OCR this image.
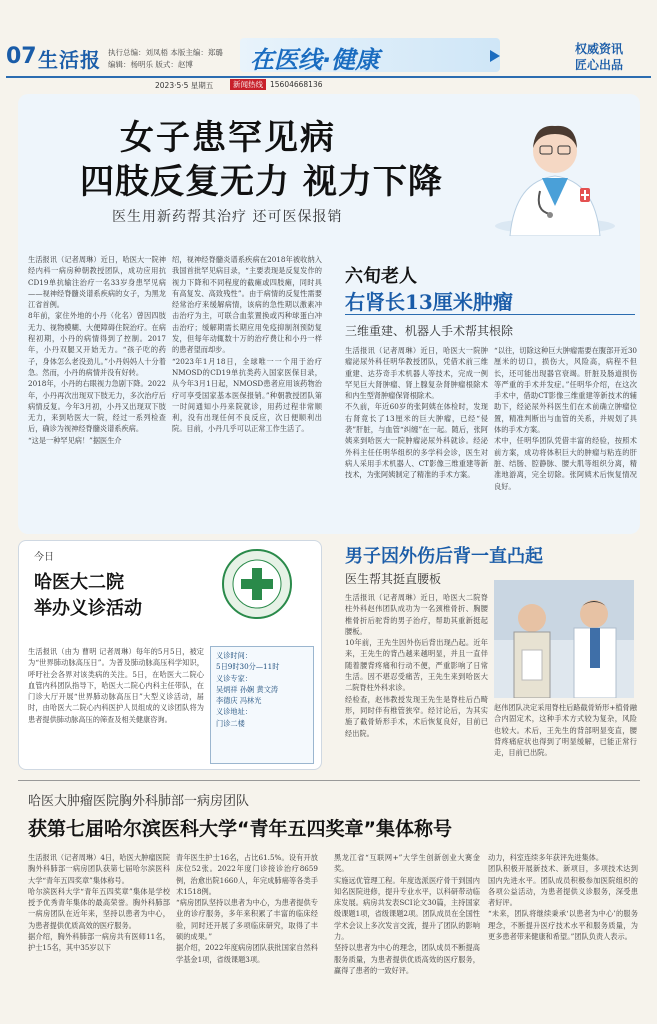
07 生活报 执行总编：刘凤梧 本版主编：郑璐
编辑：杨明乐 版式：赵博 在医线·健康	权威资讯
匠心出品
2023·5·5 星期五	新闻热线 15604668136
女子患罕见病
四肢反复无力 视力下降
医生用新药帮其治疗 还可医保报销
生活报讯（记者周琳）近日，哈医大一院神经内科一病房种朝教授团队，成功应用抗CD19单抗输注治疗一名33岁身患罕见病——视神经脊髓炎谱系疾病的女子，为黑龙江省首例。
8年前，家住外地的小丹（化名）曾因四肢无力、视物模糊、大便障碍住院治疗。在病程初期，小丹的病情得到了控制。2017年，小丹双腿又开始无力。“孩子吃的药子，身体怎么老没劲儿。”小丹妈妈人十分着急。然而，小丹的病情并没有好转。
2018年，小丹的右眼视力急剧下降。2022年，小丹再次出现双下肢无力，多次治疗后病情反复。今年3月初，小丹又出现双下肢无力，来到哈医大一院，经过一系列检查后，确诊为视神经脊髓炎谱系疾病。
“这是一种罕见病！”据医生介
绍，视神经脊髓炎谱系疾病在2018年被收纳入我国首批罕见病目录，“主要表现是反复发作的视力下降和不同程度的截瘫或四肢瘫，同时具有高复发、高致残性”。由于病情的反复性需要经常治疗来缓解病情，该病的急性期以激素冲击治疗为主，可联合血浆置换或丙种球蛋白冲击治疗；缓解期需长期应用免疫抑制剂预防复发，但每年动辄数十万的治疗费让和小丹一样的患者望而却步。
“2023年1月18日，全球唯一一个用于治疗NMOSD的CD19单抗类药入国家医保目录，从今年3月1日起，NMOSD患者应用该药物治疗可享受国家基本医保报销。”种朝教授团队第一时间通知小丹来院就诊，用药过程非常顺利，没有出现任何不良反应，次日便顺利出院。目前，小丹几乎可以正常工作生活了。
六旬老人
右肾长13厘米肿瘤
三维重建、机器人手术帮其根除
生活报讯（记者周琳）近日，哈医大一院肿瘤泌尿外科任明华教授团队，凭借术前三维重建、达芬奇手术机器人等技术，完成一例罕见巨大肾肿瘤、肾上腺复杂肾肿瘤根除术和内生型肾肿瘤保肾根除术。
不久前，年近60岁的张阿姨在体检时，发现右肾竟长了13厘米的巨大肿瘤，已经“侵袭”肝脏，与血管“纠缠”在一起。随后，张阿姨来到哈医大一院肿瘤泌尿外科就诊。经泌外科主任任明华组织的多学科会诊，医生对病人采用手术机器人、CT影像三维重建等新技术，为张阿姨制定了精准的手术方案。
“以往，切除这种巨大肿瘤需要在腹部开近30厘米的切口，损伤大，风险高，病程不但长，还可能出现器官衰竭。肝脏及肠道损伤等严重的手术并发症。”任明华介绍，在这次手术中，借助CT影像三维重建等新技术的辅助下，经泌尿外科医生们在术前确立肿瘤位置，精准判断出与血管的关系，并规划了具体的手术方案。
术中，任明华团队凭借丰富的经验，按照术前方案，成功将体积巨大的肿瘤与粘连的肝脏、结肠、腔静脉、腰大肌等组织分离，精准地游离，完全切除。张阿姨术后恢复情况良好。
今日
哈医大二院
举办义诊活动
生活报讯（由为 曹明 记者周琳）每年的5月5日，被定为“世界肺动脉高压日”。为普及肺动脉高压科学知识，呼吁社会各界对该类病的关注。5日，在哈医大二院心血管内科团队指导下，哈医大二院心内科主任带队，在门诊大厅开展“世界肺动脉高压日”大型义诊活动，届时，由哈医大二院心内科医护人员组成的义诊团队将为患者提供肺动脉高压的筛查及相关健康咨询。
义诊时间：
5日9时30分—11时
义诊专家：
吴炳祥 孙娴 黄文涛
李德庆 冯林光
义诊地址：
门诊二楼
男子因外伤后背一直凸起
医生帮其挺直腰板
生活报讯（记者周琳）近日，哈医大二院脊柱外科赵伟团队成功为一名颈椎骨折、胸腰椎骨折后驼背的男子治疗，帮助其重新挺起腰板。
10年前，王先生因外伤后背出现凸起。近年来，王先生的背凸越来越明显，并且一直伴随着腰背疼痛和行动不便，严重影响了日常生活。因不堪忍受痛苦，王先生来到哈医大二院脊柱外科求诊。
经检查，赵伟教授发现王先生是脊柱后凸畸形，同时伴有椎管狭窄。经讨论后，为其实施了截骨矫形手术，术后恢复良好，目前已经出院。
赵伟团队决定采用脊柱后路截骨矫形+植骨融合内固定术，这种手术方式较为复杂，风险也较大。术后，王先生的背部明显变直，腰背疼痛症状也得到了明显缓解，已能正常行走，目前已出院。
哈医大肿瘤医院胸外科肺部一病房团队
获第七届哈尔滨医科大学“青年五四奖章”集体称号
生活报讯（记者周琳）4日，哈医大肿瘤医院胸外科肺部一病房团队获第七届哈尔滨医科大学“青年五四奖章”集体称号。
哈尔滨医科大学“青年五四奖章”集体是学校授予优秀青年集体的最高荣誉。胸外科肺部一病房团队在近年来，坚持以患者为中心，为患者提供优质高效的医疗服务。
据介绍，胸外科肺部一病房共有医师11名，护士15名，其中35岁以下
青年医生护士16名，占比61.5%。设有开放床位52张。2022年度门诊接诊治疗8659例，治愈出院1660人，年完成肺癌等各类手术1518例。
“病房团队坚持以患者为中心，为患者提供专业的诊疗服务，多年来积累了丰富的临床经验，同时还开展了多项临床研究，取得了丰硕的成果。”
据介绍，2022年度病房团队获批国家自然科学基金1项，省级课题3项。
黑龙江省“互联网+”大学生创新创业大赛金奖。
实施远优管理工程。年度选派医疗骨干到国内知名医院进修，提升专业水平，以科研带动临床发展。病房共发表SCI论文30篇，主持国家级课题1项，省级课题2项。团队成员在全国性学术会议上多次发言交流，提升了团队的影响力。
坚持以患者为中心的理念，团队成员不断提高服务质量，为患者提供优质高效的医疗服务，赢得了患者的一致好评。
动力，科室连续多年获评先进集体。
团队积极开展新技术、新项目，多项技术达到国内先进水平。团队成员积极参加医院组织的各项公益活动，为患者提供义诊服务，深受患者好评。
“未来，团队将继续秉承‘以患者为中心’的服务理念，不断提升医疗技术水平和服务质量，为更多患者带来健康和希望。”团队负责人表示。
